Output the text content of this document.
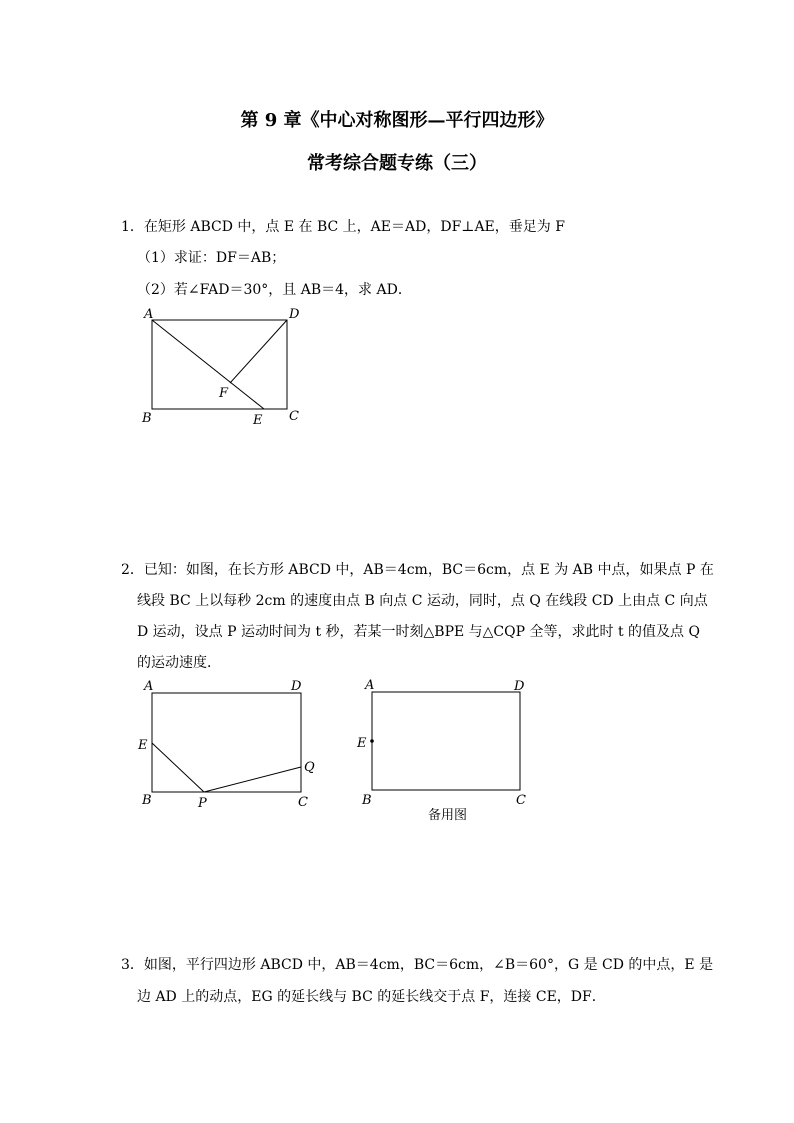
第 9 章《中心对称图形—平行四边形》
常考综合题专练（三）
1．在矩形 ABCD 中，点 E 在 BC 上，AE＝AD，DF⊥AE，垂足为 F
（1）求证：DF＝AB；
（2）若∠FAD＝30°，且 AB＝4，求 AD．
A	D
B	C
E
F
2．已知：如图，在长方形 ABCD 中，AB＝4cm，BC＝6cm，点 E 为 AB 中点，如果点 P 在
线段 BC 上以每秒 2cm 的速度由点 B 向点 C 运动，同时，点 Q 在线段 CD 上由点 C 向点
D 运动，设点 P 运动时间为 t 秒，若某一时刻△BPE 与△CQP 全等，求此时 t 的值及点 Q
的运动速度．
A	D
E
Q
B	P	C
A	D
E
B	C
备用图
3．如图，平行四边形 ABCD 中，AB＝4cm，BC＝6cm，∠B＝60°，G 是 CD 的中点，E 是
边 AD 上的动点，EG 的延长线与 BC 的延长线交于点 F，连接 CE，DF．
